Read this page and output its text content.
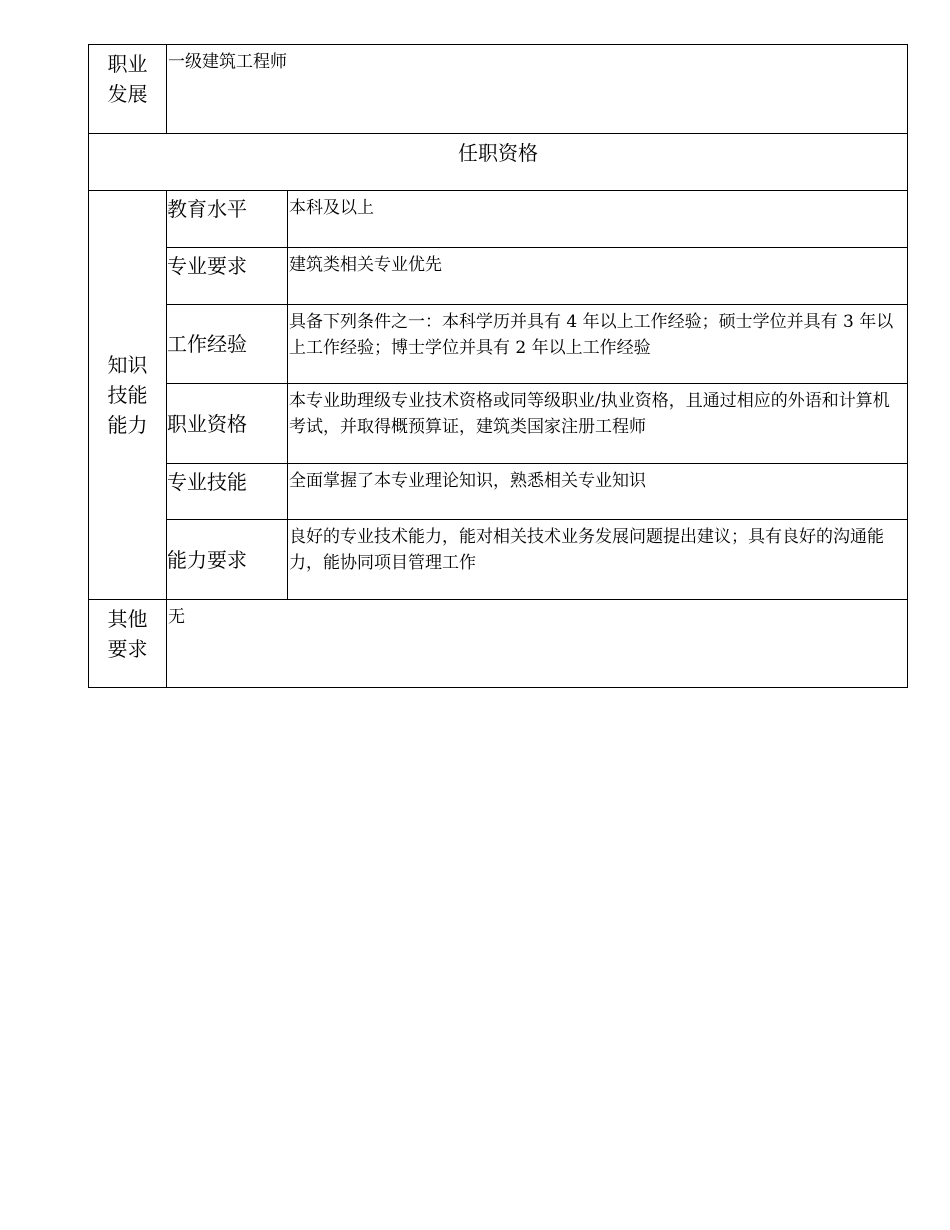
职业
发展	一级建筑工程师	
任职资格		

知识
技能
能力	教育水平	本科及以上
	专业要求	建筑类相关专业优先
	工作经验	具备下列条件之一：本科学历并具有 4 年以上工作经验；硕士学位并具有 3 年以上工作经验；博士学位并具有 2 年以上工作经验
	职业资格	本专业助理级专业技术资格或同等级职业/执业资格，且通过相应的外语和计算机考试，并取得概预算证，建筑类国家注册工程师
	专业技能	全面掌握了本专业理论知识，熟悉相关专业知识
	能力要求	良好的专业技术能力，能对相关技术业务发展问题提出建议；具有良好的沟通能力，能协同项目管理工作

其他
要求	无	
